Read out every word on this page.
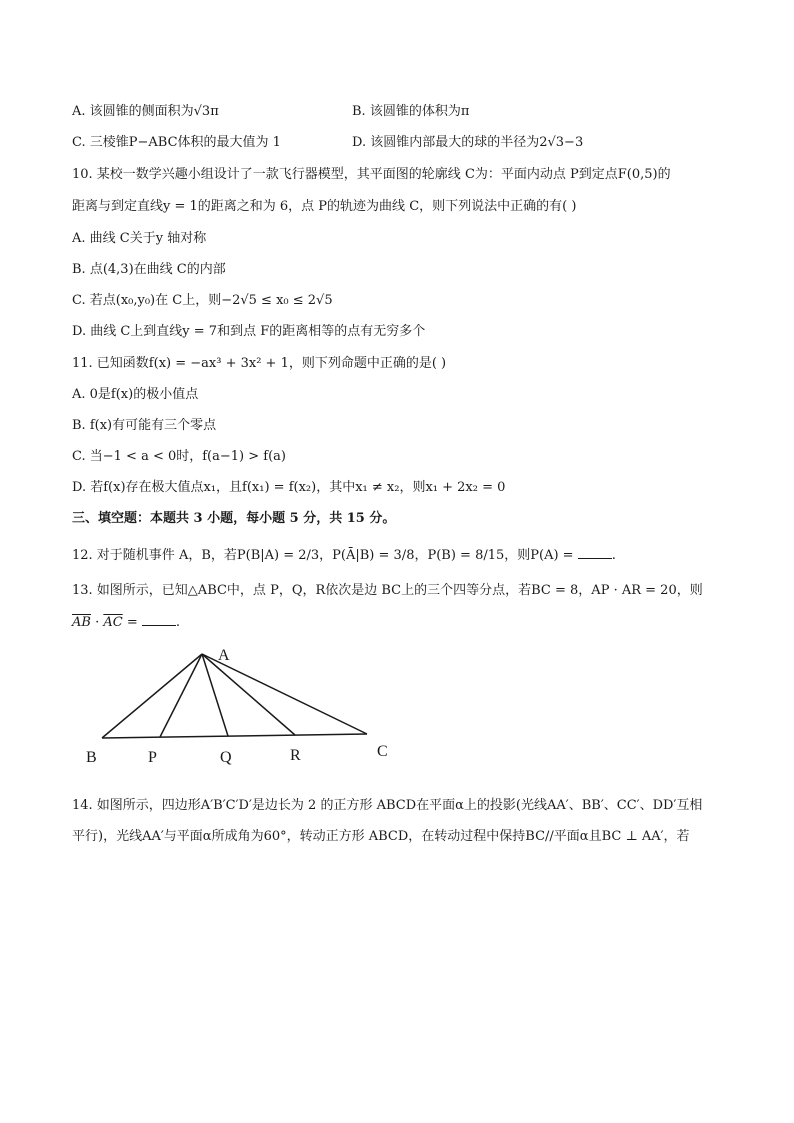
A. 该圆锥的侧面积为√3π	B. 该圆锥的体积为π
C. 三棱锥P−ABC体积的最大值为 1	D. 该圆锥内部最大的球的半径为2√3−3
10. 某校一数学兴趣小组设计了一款飞行器模型，其平面图的轮廓线 C为：平面内动点 P到定点F(0,5)的
距离与到定直线y = 1的距离之和为 6，点 P的轨迹为曲线 C，则下列说法中正确的有( )
A. 曲线 C关于y 轴对称
B. 点(4,3)在曲线 C的内部
C. 若点(x₀,y₀)在 C上，则−2√5 ≤ x₀ ≤ 2√5
D. 曲线 C上到直线y = 7和到点 F的距离相等的点有无穷多个
11. 已知函数f(x) = −ax³ + 3x² + 1，则下列命题中正确的是( )
A. 0是f(x)的极小值点
B. f(x)有可能有三个零点
C. 当−1 < a < 0时，f(a−1) > f(a)
D. 若f(x)存在极大值点x₁，且f(x₁) = f(x₂)，其中x₁ ≠ x₂，则x₁ + 2x₂ = 0
三、填空题：本题共 3 小题，每小题 5 分，共 15 分。
12. 对于随机事件 A，B，若P(B|A) = 2/3，P(Ā|B) = 3/8，P(B) = 8/15，则P(A) =	.
13. 如图所示，已知△ABC中，点 P，Q，R依次是边 BC上的三个四等分点，若BC = 8，AP · AR = 20，则
$\overline{AB} \cdot \overline{AC}$ =	.
A
B	P	Q	R	C
14. 如图所示，四边形A′B′C′D′是边长为 2 的正方形 ABCD在平面α上的投影(光线AA′、BB′、CC′、DD′互相
平行)，光线AA′与平面α所成角为60°，转动正方形 ABCD，在转动过程中保持BC//平面α且BC ⊥ AA′，若
